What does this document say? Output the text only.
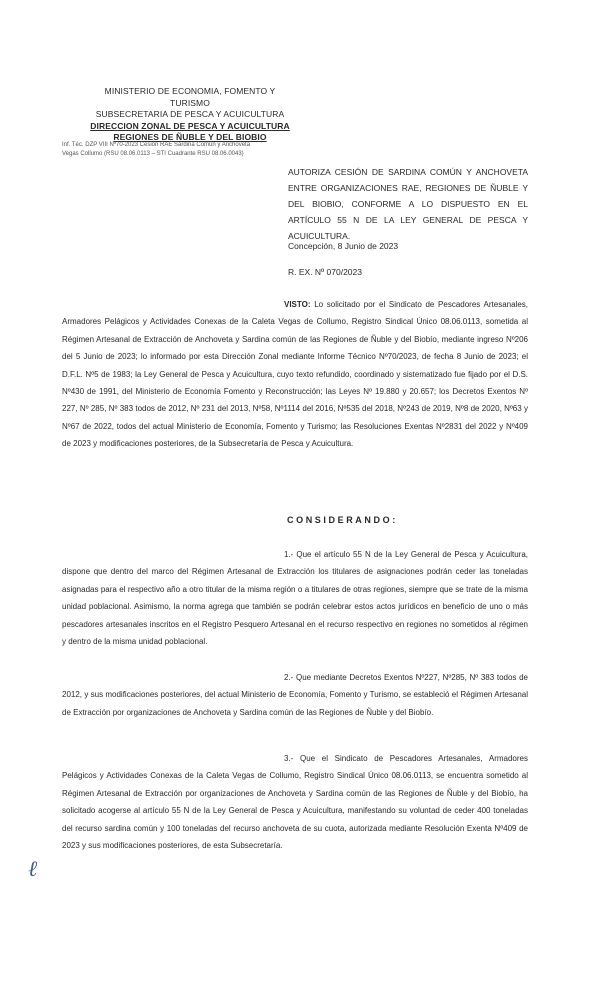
MINISTERIO DE ECONOMIA, FOMENTO Y TURISMO
SUBSECRETARIA DE PESCA Y ACUICULTURA
DIRECCION ZONAL DE PESCA Y ACUICULTURA
REGIONES DE ÑUBLE Y DEL BIOBIO
Inf. Téc. DZP VIII Nº70-2023 Cesión RAE Sardina Común y Anchoveta
Vegas Collumo (RSU 08.06.0113 – STI Cuadrante RSU 08.06.0043)
AUTORIZA CESIÓN DE SARDINA COMÚN Y ANCHOVETA ENTRE ORGANIZACIONES RAE, REGIONES DE ÑUBLE Y DEL BIOBIO, CONFORME A LO DISPUESTO EN EL ARTÍCULO 55 N DE LA LEY GENERAL DE PESCA Y ACUICULTURA.
Concepción, 8 Junio de 2023
R. EX. Nº 070/2023
VISTO: Lo solicitado por el Sindicato de Pescadores Artesanales, Armadores Pelágicos y Actividades Conexas de la Caleta Vegas de Collumo, Registro Sindical Único 08.06.0113, sometida al Régimen Artesanal de Extracción de Anchoveta y Sardina común de las Regiones de Ñuble y del Biobío, mediante ingreso Nº206 del 5 Junio de 2023; lo informado por esta Dirección Zonal mediante Informe Técnico Nº70/2023, de fecha 8 Junio de 2023; el D.F.L. Nº5 de 1983; la Ley General de Pesca y Acuicultura, cuyo texto refundido, coordinado y sistematizado fue fijado por el D.S. Nº430 de 1991, del Ministerio de Economía Fomento y Reconstrucción; las Leyes Nº 19.880 y 20.657; los Decretos Exentos Nº 227, Nº 285, Nº 383 todos de 2012, Nº 231 del 2013, Nº58, Nº1114 del 2016, Nº535 del 2018, Nº243 de 2019, Nº8 de 2020, Nº63 y Nº67 de 2022, todos del actual Ministerio de Economía, Fomento y Turismo; las Resoluciones Exentas Nº2831 del 2022 y Nº409 de 2023 y modificaciones posteriores, de la Subsecretaría de Pesca y Acuicultura.
CONSIDERANDO:
1.- Que el artículo 55 N de la Ley General de Pesca y Acuicultura, dispone que dentro del marco del Régimen Artesanal de Extracción los titulares de asignaciones podrán ceder las toneladas asignadas para el respectivo año a otro titular de la misma región o a titulares de otras regiones, siempre que se trate de la misma unidad poblacional. Asimismo, la norma agrega que también se podrán celebrar estos actos jurídicos en beneficio de uno o más pescadores artesanales inscritos en el Registro Pesquero Artesanal en el recurso respectivo en regiones no sometidos al régimen y dentro de la misma unidad poblacional.
2.- Que mediante Decretos Exentos Nº227, Nº285, Nº 383 todos de 2012, y sus modificaciones posteriores, del actual Ministerio de Economía, Fomento y Turismo, se estableció el Régimen Artesanal de Extracción por organizaciones de Anchoveta y Sardina común de las Regiones de Ñuble y del Biobío.
3.- Que el Sindicato de Pescadores Artesanales, Armadores Pelágicos y Actividades Conexas de la Caleta Vegas de Collumo, Registro Sindical Único 08.06.0113, se encuentra sometido al Régimen Artesanal de Extracción por organizaciones de Anchoveta y Sardina común de las Regiones de Ñuble y del Biobío, ha solicitado acogerse al artículo 55 N de la Ley General de Pesca y Acuicultura, manifestando su voluntad de ceder 400 toneladas del recurso sardina común y 100 toneladas del recurso anchoveta de su cuota, autorizada mediante Resolución Exenta Nº409 de 2023 y sus modificaciones posteriores, de esta Subsecretaría.
ℓ
